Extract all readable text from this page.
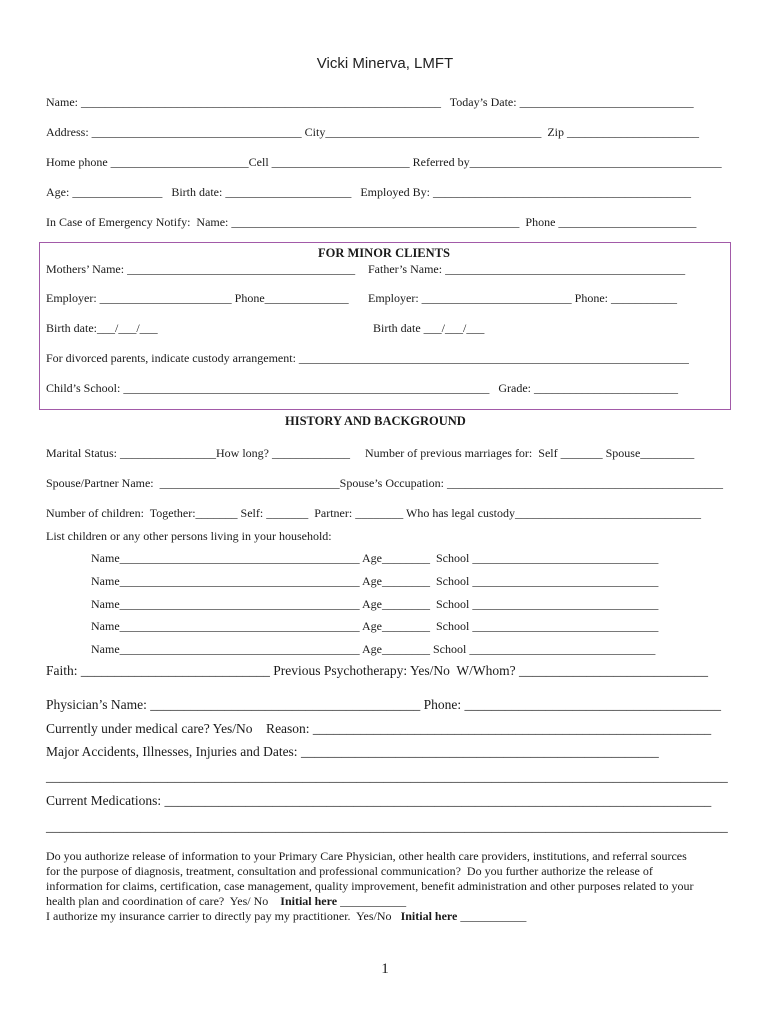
Vicki Minerva, LMFT
Name: ____________________________________________________________   Today’s Date: _____________________________
Address: ___________________________________ City____________________________________  Zip ______________________
Home phone _______________________Cell _______________________ Referred by__________________________________________
Age: _______________   Birth date: _____________________   Employed By: ___________________________________________
In Case of Emergency Notify:  Name: ________________________________________________  Phone _______________________
FOR MINOR CLIENTS
Mothers’ Name: ______________________________________ Father’s Name: ________________________________________
Employer: ______________________ Phone______________ Employer: _________________________ Phone: ___________
Birth date:___/___/___	Birth date ___/___/___
For divorced parents, indicate custody arrangement: _________________________________________________________________
Child’s School: _____________________________________________________________   Grade: ________________________
HISTORY AND BACKGROUND
Marital Status: ________________How long? _____________     Number of previous marriages for:  Self _______ Spouse_________
Spouse/Partner Name:  ______________________________Spouse’s Occupation: ______________________________________________
Number of children:  Together:_______ Self: _______  Partner: ________ Who has legal custody_______________________________
List children or any other persons living in your household:
Name________________________________________ Age________  School _______________________________
Name________________________________________ Age________  School _______________________________
Name________________________________________ Age________  School _______________________________
Name________________________________________ Age________  School _______________________________
Name________________________________________ Age________ School _______________________________
Faith: ____________________________ Previous Psychotherapy: Yes/No  W/Whom? ____________________________
Physician’s Name: ________________________________________ Phone: ______________________________________
Currently under medical care? Yes/No    Reason: ___________________________________________________________
Major Accidents, Illnesses, Injuries and Dates: _____________________________________________________
_____________________________________________________________________________________________________
Current Medications: _________________________________________________________________________________
_____________________________________________________________________________________________________
Do you authorize release of information to your Primary Care Physician, other health care providers, institutions, and referral sources
for the purpose of diagnosis, treatment, consultation and professional communication?  Do you further authorize the release of
information for claims, certification, case management, quality improvement, benefit administration and other purposes related to your
health plan and coordination of care?  Yes/ No    Initial here ___________
I authorize my insurance carrier to directly pay my practitioner.  Yes/No   Initial here ___________
1
